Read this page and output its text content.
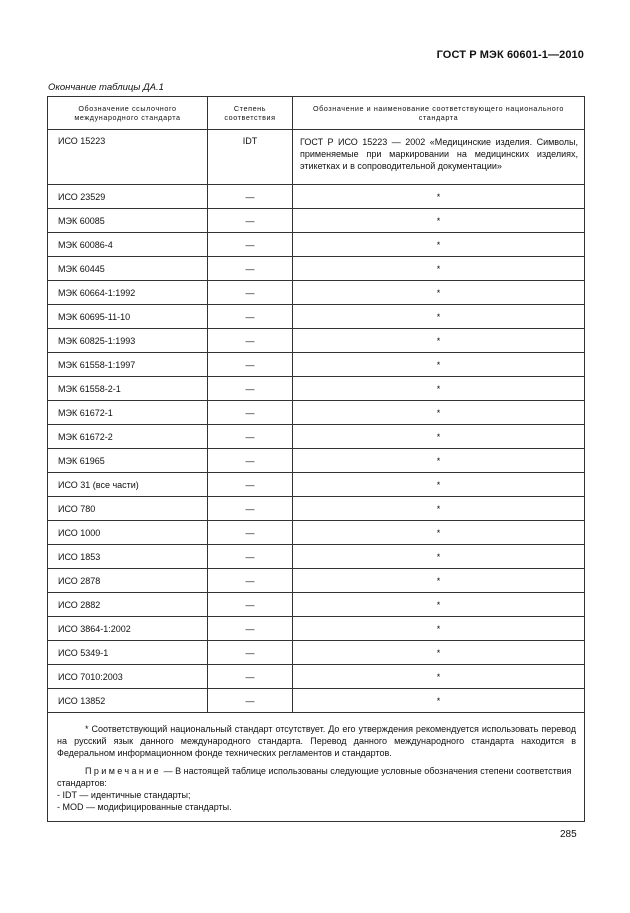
ГОСТ Р МЭК 60601-1—2010
Окончание таблицы ДА.1
Обозначение ссылочного международного стандарта	Степень соответствия	Обозначение и наименование соответствующего национального стандарта
ИСО 15223	IDT	ГОСТ Р ИСО 15223 — 2002 «Медицинские изделия. Символы, применяемые при маркировании на медицинских изделиях, этикетках и в сопроводительной документации»
ИСО 23529	—	*
МЭК 60085	—	*
МЭК 60086-4	—	*
МЭК 60445	—	*
МЭК 60664-1:1992	—	*
МЭК 60695-11-10	—	*
МЭК 60825-1:1993	—	*
МЭК 61558-1:1997	—	*
МЭК 61558-2-1	—	*
МЭК 61672-1	—	*
МЭК 61672-2	—	*
МЭК 61965	—	*
ИСО 31 (все части)	—	*
ИСО 780	—	*
ИСО 1000	—	*
ИСО 1853	—	*
ИСО 2878	—	*
ИСО 2882	—	*
ИСО 3864-1:2002	—	*
ИСО 5349-1	—	*
ИСО 7010:2003	—	*
ИСО 13852	—	*

* Соответствующий национальный стандарт отсутствует. До его утверждения рекомендуется использовать перевод на русский язык данного международного стандарта. Перевод данного международного стандарта находится в Федеральном информационном фонде технических регламентов и стандартов.

Примечание — В настоящей таблице использованы следующие условные обозначения степени соответствия стандартов:

- IDT — идентичные стандарты;

- MOD — модифицированные стандарты.		

285
